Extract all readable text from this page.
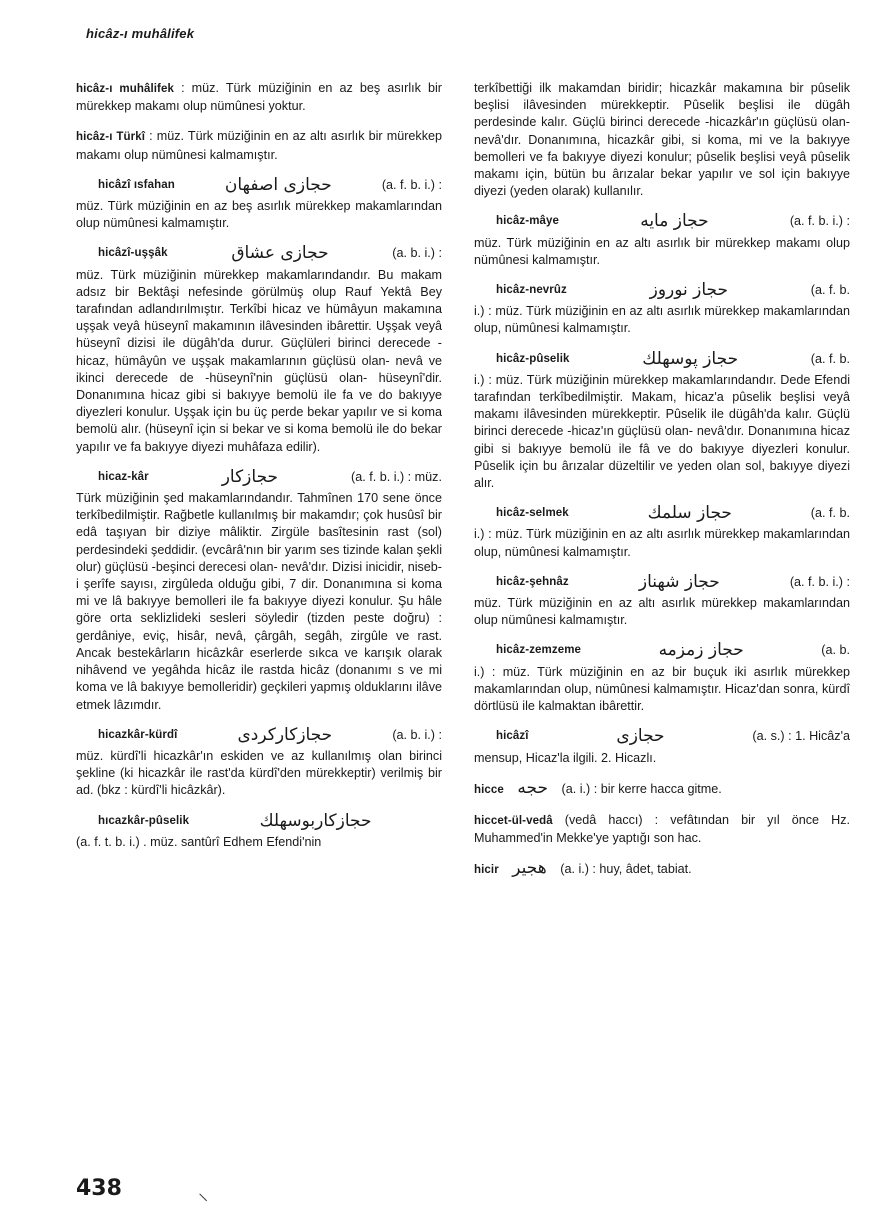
hicâz-ı muhâlifek

hicâz-ı muhâlifek : müz. Türk müziğinin en az beş asırlık bir mürekkep makamı olup nümûnesi yoktur.

hicâz-ı Türkî : müz. Türk müziğinin en az altı asırlık bir mürekkep makamı olup nümûnesi kalmamıştır.

hicâzî ısfahan	حجازى اصفهان	(a. f. b. i.) :

müz. Türk müziğinin en az beş asırlık mürekkep makamlarından olup nümûnesi kalmamıştır.

hicâzî-uşşâk	حجازى عشاق	(a. b. i.) :

müz. Türk müziğinin mürekkep makamlarındandır. Bu makam adsız bir Bektâşi nefesinde görülmüş olup Rauf Yektâ Bey tarafından adlandırılmıştır. Terkîbi hicaz ve hümâyun makamına uşşak veyâ hüseynî makamının ilâvesinden ibârettir. Uşşak veyâ hüseynî dizisi ile dügâh'da durur. Güçlüleri birinci derecede -hicaz, hümâyûn ve uşşak makamlarının güçlüsü olan- nevâ ve ikinci derecede de -hüseynî'nin güçlüsü olan- hüseynî'dir. Donanımına hicaz gibi si bakıyye bemolü ile fa ve do bakıyye diyezleri konulur. Uşşak için bu üç perde bekar yapılır ve si koma bemolü alır. (hüseynî için si bekar ve si koma bemolü ile do bekar yapılır ve fa bakıyye diyezi muhâfaza edilir).

hicaz-kâr	حجازكار	(a. f. b. i.) : müz.

Türk müziğinin şed makamlarındandır. Tahmînen 170 sene önce terkîbedilmiştir. Rağbetle kullanılmış bir makamdır; çok husûsî bir edâ taşıyan bir diziye mâliktir. Zirgüle basîtesinin rast (sol) perdesindeki şeddidir. (evcârâ'nın bir yarım ses tizinde kalan şekli olur) güçlüsü -beşinci derecesi olan- nevâ'dır. Dizisi inicidir, niseb-i şerîfe sayısı, zirgûleda olduğu gibi, 7 dir. Donanımına si koma mi ve lâ bakıyye bemolleri ile fa bakıyye diyezi konulur. Şu hâle göre orta seklizlideki sesleri söyledir (tizden peste doğru) : gerdâniye, eviç, hisâr, nevâ, çârgâh, segâh, zirgûle ve rast. Ancak bestekârların hicâzkâr eserlerde sıkca ve karışık olarak nihâvend ve yegâhda hicâz ile rastda hicâz (donanımı s ve mi koma ve lâ bakıyye bemolleridir) geçkileri yapmış olduklarını ilâve etmek lâzımdır.

hicazkâr-kürdî	حجازكاركردى	(a. b. i.) :

müz. kürdî'li hicazkâr'ın eskiden ve az kullanılmış olan birinci şekline (ki hicazkâr ile rast'da kürdî'den mürekkeptir) verilmiş bir ad. (bkz : kürdî'li hicâzkâr).

hıcazkâr-pûselik	حجازكاربوسهلك

(a. f. t. b. i.) . müz. santûrî Edhem Efendi'nin

terkîbettiği ilk makamdan biridir; hicazkâr makamına bir pûselik beşlisi ilâvesinden mürekkeptir. Pûselik beşlisi ile dügâh perdesinde kalır. Güçlü birinci derecede -hicazkâr'ın güçlüsü olan- nevâ'dır. Donanımına, hicazkâr gibi, si koma, mi ve la bakıyye bemolleri ve fa bakıyye diyezi konulur; pûselik beşlisi veyâ pûselik makamı için, bütün bu ârızalar bekar yapılır ve sol için bakıyye diyezi (yeden olarak) kullanılır.

hicâz-mâye	حجاز مايه	(a. f. b. i.) :

müz. Türk müziğinin en az altı asırlık bir mürekkep makamı olup nümûnesi kalmamıştır.

hicâz-nevrûz	حجاز نوروز	(a. f. b.

i.) : müz. Türk müziğinin en az altı asırlık mürekkep makamlarından olup, nümûnesi kalmamıştır.

hicâz-pûselik	حجاز پوسهلك	(a. f. b.

i.) : müz. Türk müziğinin mürekkep makamlarındandır. Dede Efendi tarafından terkîbedilmiştir. Makam, hicaz'a pûselik beşlisi veyâ makamı ilâvesinden mürekkeptir. Pûselik ile dügâh'da kalır. Güçlü birinci derecede -hicaz'ın güçlüsü olan- nevâ'dır. Donanımına hicaz gibi si bakıyye bemolü ile fâ ve do bakıyye diyezleri konulur. Pûselik için bu ârızalar düzeltilir ve yeden olan sol, bakıyye diyezi alır.

hicâz-selmek	حجاز سلمك	(a. f. b.

i.) : müz. Türk müziğinin en az altı asırlık mürekkep makamlarından olup, nümûnesi kalmamıştır.

hicâz-şehnâz	حجاز شهناز	(a. f. b. i.) :

müz. Türk müziğinin en az altı asırlık mürekkep makamlarından olup nümûnesi kalmamıştır.

hicâz-zemzeme	حجاز زمزمه	(a. b.

i.) : müz. Türk müziğinin en az bir buçuk iki asırlık mürekkep makamlarından olup, nümûnesi kalmamıştır. Hicaz'dan sonra, kürdî dörtlüsü ile kalmaktan ibârettir.

hicâzî	حجازى	(a. s.) : 1. Hicâz'a

mensup, Hicaz'la ilgili. 2. Hicazlı.

hicce حجه (a. i.) : bir kerre hacca gitme.

hiccet-ül-vedâ (vedâ haccı) : vefâtından bir yıl önce Hz. Muhammed'in Mekke'ye yaptığı son hac.

hicir هجير (a. i.) : huy, âdet, tabiat.

438
